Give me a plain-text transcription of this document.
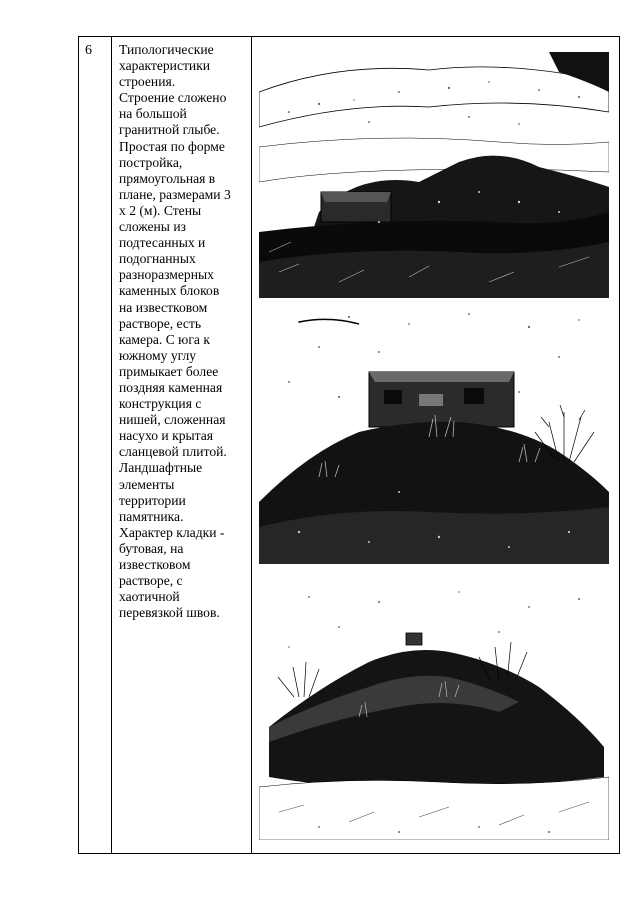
6 Типологические
характеристики
строения.
Строение сложено
на большой
гранитной глыбе.
Простая по форме
постройка,
прямоугольная в
плане, размерами 3
х 2 (м). Стены
сложены из
подтесанных и
подогнанных
разноразмерных
каменных блоков
на известковом
растворе, есть
камера. С юга к
южному углу
примыкает более
поздняя каменная
конструкция с
нишей, сложенная
насухо и крытая
сланцевой плитой.
Ландшафтные
элементы
территории
памятника.
Характер кладки -
бутовая, на
известковом
растворе, с
хаотичной
перевязкой швов.
